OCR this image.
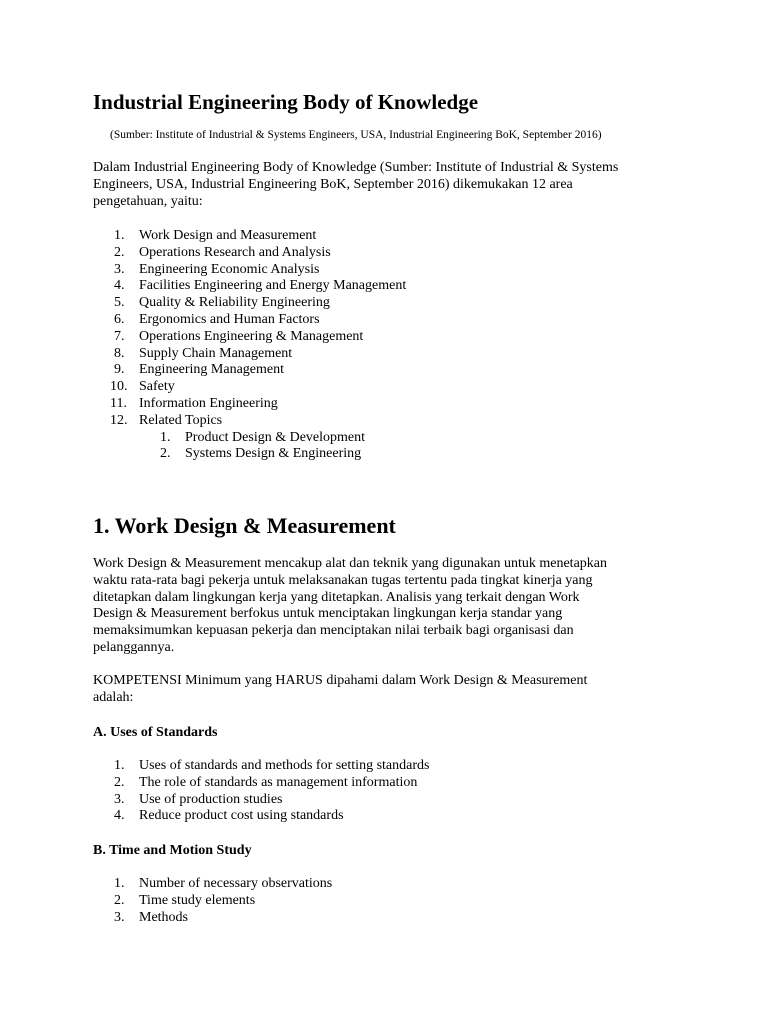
Industrial Engineering Body of Knowledge

(Sumber: Institute of Industrial & Systems Engineers, USA, Industrial Engineering BoK, September 2016)

Dalam Industrial Engineering Body of Knowledge (Sumber: Institute of Industrial & Systems
Engineers, USA, Industrial Engineering BoK, September 2016) dikemukakan 12 area
pengetahuan, yaitu:
1. Work Design and Measurement
2. Operations Research and Analysis
3. Engineering Economic Analysis
4. Facilities Engineering and Energy Management
5. Quality & Reliability Engineering
6. Ergonomics and Human Factors
7. Operations Engineering & Management
8. Supply Chain Management
9. Engineering Management
10. Safety
11. Information Engineering
12. Related Topics
1. Product Design & Development
2. Systems Design & Engineering
1. Work Design & Measurement
Work Design & Measurement mencakup alat dan teknik yang digunakan untuk menetapkan
waktu rata-rata bagi pekerja untuk melaksanakan tugas tertentu pada tingkat kinerja yang
ditetapkan dalam lingkungan kerja yang ditetapkan. Analisis yang terkait dengan Work
Design & Measurement berfokus untuk menciptakan lingkungan kerja standar yang
memaksimumkan kepuasan pekerja dan menciptakan nilai terbaik bagi organisasi dan
pelanggannya.
KOMPETENSI Minimum yang HARUS dipahami dalam Work Design & Measurement
adalah:
A. Uses of Standards
1. Uses of standards and methods for setting standards
2. The role of standards as management information
3. Use of production studies
4. Reduce product cost using standards
B. Time and Motion Study
1. Number of necessary observations
2. Time study elements
3. Methods
